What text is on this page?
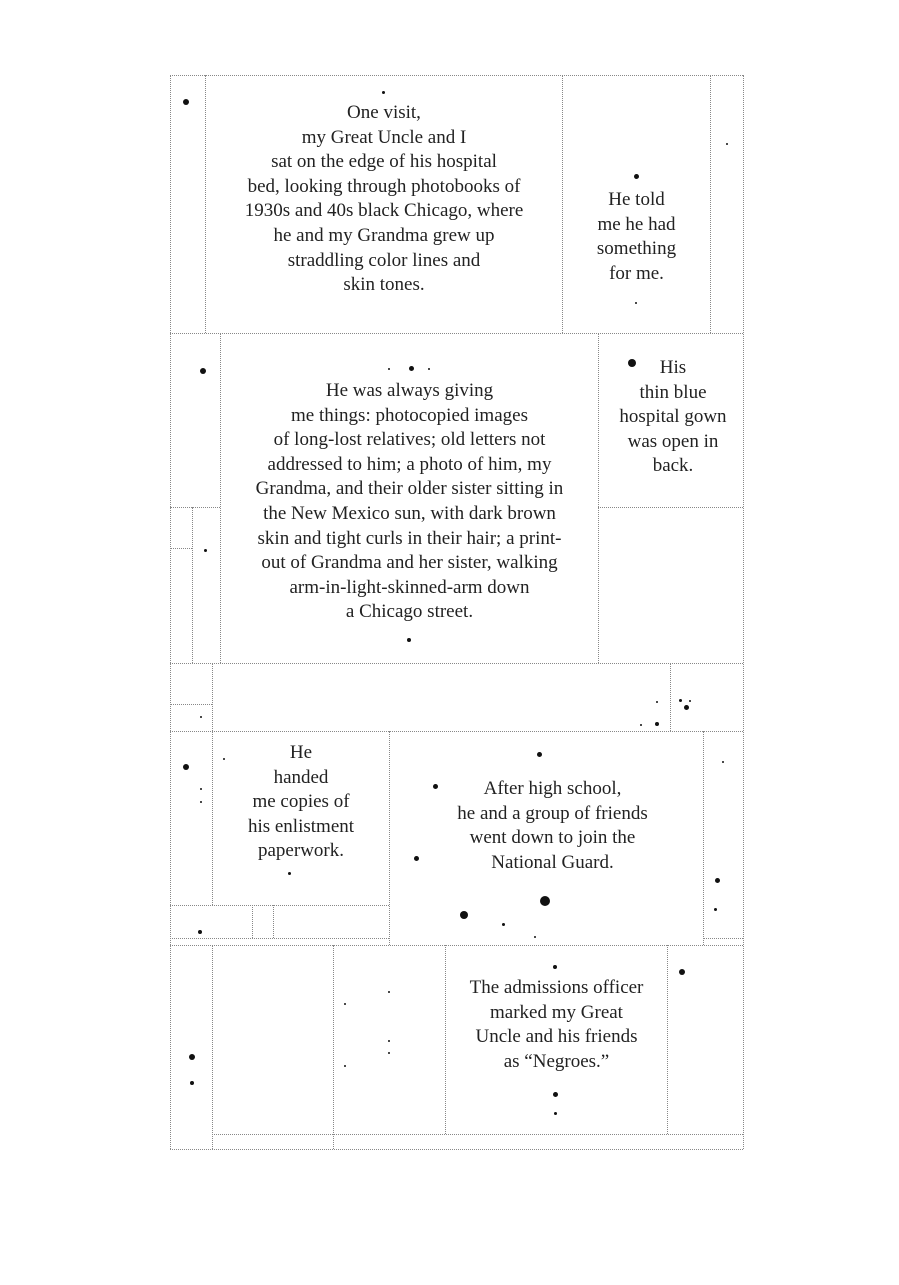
One visit,
my Great Uncle and I
sat on the edge of his hospital
bed, looking through photobooks of
1930s and 40s black Chicago, where
he and my Grandma grew up
straddling color lines and
skin tones.
He told
me he had
something
for me.
He was always giving
me things: photocopied images
of long-lost relatives; old letters not
addressed to him; a photo of him, my
Grandma, and their older sister sitting in
the New Mexico sun, with dark brown
skin and tight curls in their hair; a print-
out of Grandma and her sister, walking
arm-in-light-skinned-arm down
a Chicago street.
His
thin blue
hospital gown
was open in
back.
He
handed
me copies of
his enlistment
paperwork.
After high school,
he and a group of friends
went down to join the
National Guard.
The admissions officer
marked my Great
Uncle and his friends
as “Negroes.”
